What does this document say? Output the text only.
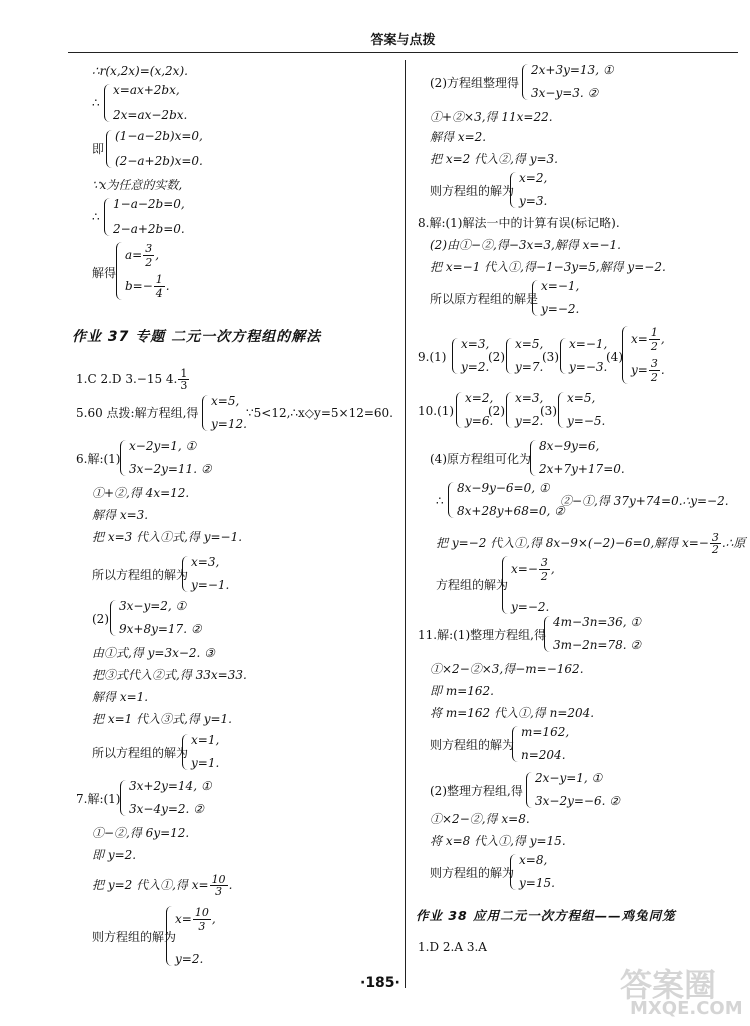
答案与点拨
∴r(x,2x)=(x,2x).
∴
x=ax+2bx,
2x=ax−2bx.
即
(1−a−2b)x=0,
(2−a+2b)x=0.
∵x为任意的实数,
∴
1−a−2b=0,
2−a+2b=0.
解得
$a= \frac{3}{2}$ ,
$b=- \frac{1}{4}$ .
作业 37 专题 二元一次方程组的解法
1.C 2.D 3.−15 4. $\frac{1}{3}$
5.60 点拨:解方程组,得
x=5,
y=12.
∵5<12,∴x◇y=5×12=60.
6.解:(1)
x−2y=1, ①
3x−2y=11. ②
①+②,得 4x=12.
解得 x=3.
把 x=3 代入①式,得 y=−1.
所以方程组的解为
x=3,
y=−1.
(2)
3x−y=2, ①
9x+8y=17. ②
由①式,得 y=3x−2. ③
把③式代入②式,得 33x=33.
解得 x=1.
把 x=1 代入③式,得 y=1.
所以方程组的解为
x=1,
y=1.
7.解:(1)
3x+2y=14, ①
3x−4y=2. ②
①−②,得 6y=12.
即 y=2.
把 y=2 代入①,得 $x= \frac{10}{3}$ .
则方程组的解为
$x= \frac{10}{3}$ ,
y=2.
(2)方程组整理得
2x+3y=13, ①
3x−y=3. ②
①+②×3,得 11x=22.
解得 x=2.
把 x=2 代入②,得 y=3.
则方程组的解为
x=2,
y=3.
8.解:(1)解法一中的计算有误(标记略).
(2)由①−②,得−3x=3,解得 x=−1.
把 x=−1 代入①,得−1−3y=5,解得 y=−2.
所以原方程组的解是
x=−1,
y=−2.
9.(1)
x=3,
y=2.
(2)
x=5,
y=7.
(3)
x=−1,
y=−3.
(4)
$x= \frac{1}{2}$ ,
$y= \frac{3}{2}$ .
10.(1)
x=2,
y=6.
(2)
x=3,
y=2.
(3)
x=5,
y=−5.
(4)原方程组可化为
8x−9y=6,
2x+7y+17=0.
∴
8x−9y−6=0, ①
8x+28y+68=0, ②
②−①,得 37y+74=0.∴y=−2.
把 y=−2 代入①,得 8x−9×(−2)−6=0,解得 $x=- \frac{3}{2}$ .∴原
方程组的解为
$x=- \frac{3}{2}$ ,
y=−2.
11.解:(1)整理方程组,得
4m−3n=36, ①
3m−2n=78. ②
①×2−②×3,得−m=−162.
即 m=162.
将 m=162 代入①,得 n=204.
则方程组的解为
m=162,
n=204.
(2)整理方程组,得
2x−y=1, ①
3x−2y=−6. ②
①×2−②,得 x=8.
将 x=8 代入①,得 y=15.
则方程组的解为
x=8,
y=15.
作业 38 应用二元一次方程组——鸡兔同笼
1.D 2.A 3.A
·185·	答案圈
MXQE.COM
